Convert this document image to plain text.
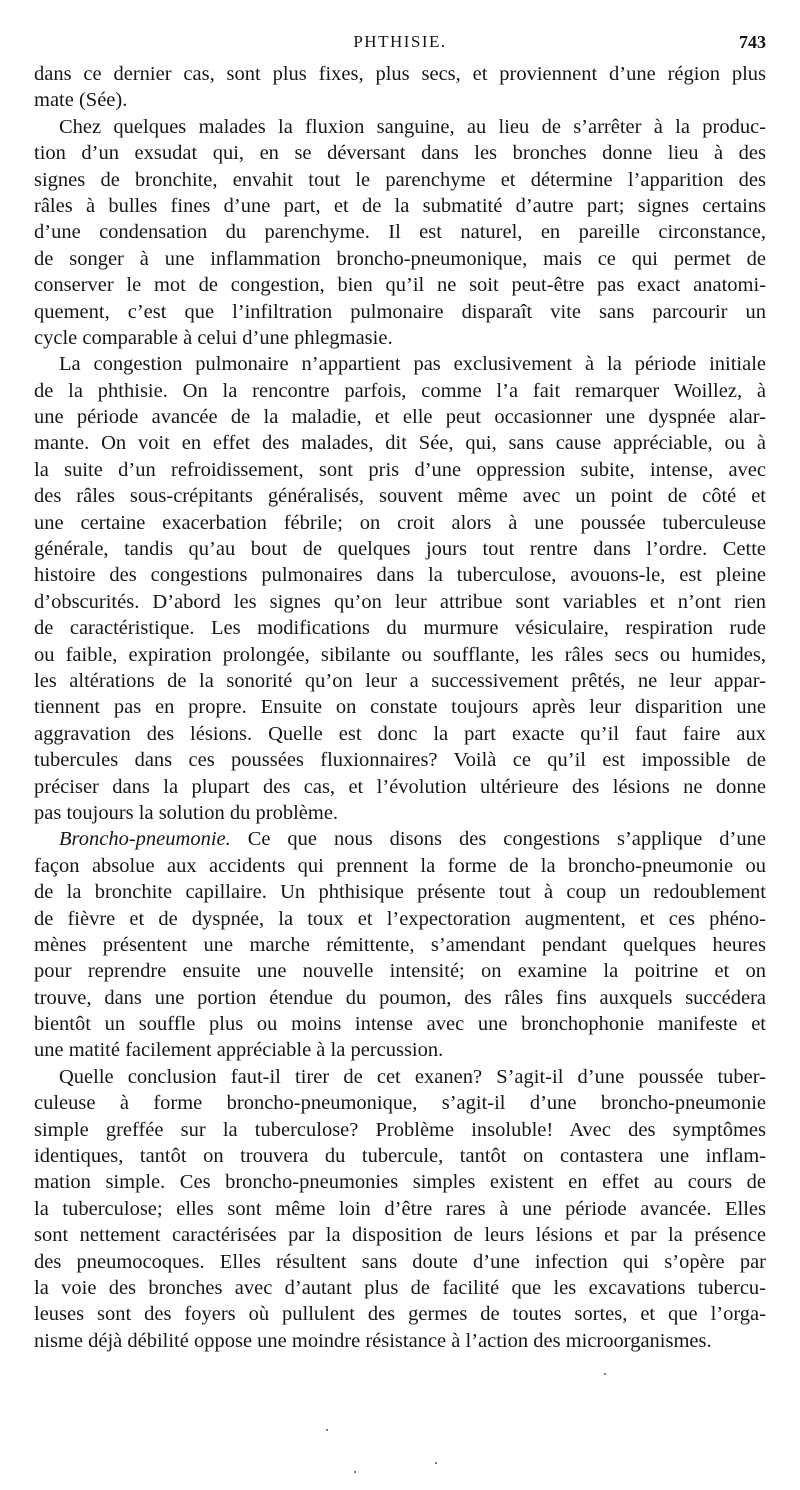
PHTHISIE.	743
dans ce dernier cas, sont plus fixes, plus secs, et proviennent d’une région plus
mate (Sée).
Chez quelques malades la fluxion sanguine, au lieu de s’arrêter à la produc-
tion d’un exsudat qui, en se déversant dans les bronches donne lieu à des
signes de bronchite, envahit tout le parenchyme et détermine l’apparition des
râles à bulles fines d’une part, et de la submatité d’autre part; signes certains
d’une condensation du parenchyme. Il est naturel, en pareille circonstance,
de songer à une inflammation broncho-pneumonique, mais ce qui permet de
conserver le mot de congestion, bien qu’il ne soit peut-être pas exact anatomi-
quement, c’est que l’infiltration pulmonaire disparaît vite sans parcourir un
cycle comparable à celui d’une phlegmasie.
La congestion pulmonaire n’appartient pas exclusivement à la période initiale
de la phthisie. On la rencontre parfois, comme l’a fait remarquer Woillez, à
une période avancée de la maladie, et elle peut occasionner une dyspnée alar-
mante. On voit en effet des malades, dit Sée, qui, sans cause appréciable, ou à
la suite d’un refroidissement, sont pris d’une oppression subite, intense, avec
des râles sous-crépitants généralisés, souvent même avec un point de côté et
une certaine exacerbation fébrile; on croit alors à une poussée tuberculeuse
générale, tandis qu’au bout de quelques jours tout rentre dans l’ordre. Cette
histoire des congestions pulmonaires dans la tuberculose, avouons-le, est pleine
d’obscurités. D’abord les signes qu’on leur attribue sont variables et n’ont rien
de caractéristique. Les modifications du murmure vésiculaire, respiration rude
ou faible, expiration prolongée, sibilante ou soufflante, les râles secs ou humides,
les altérations de la sonorité qu’on leur a successivement prêtés, ne leur appar-
tiennent pas en propre. Ensuite on constate toujours après leur disparition une
aggravation des lésions. Quelle est donc la part exacte qu’il faut faire aux
tubercules dans ces poussées fluxionnaires? Voilà ce qu’il est impossible de
préciser dans la plupart des cas, et l’évolution ultérieure des lésions ne donne
pas toujours la solution du problème.
Broncho-pneumonie. Ce que nous disons des congestions s’applique d’une
façon absolue aux accidents qui prennent la forme de la broncho-pneumonie ou
de la bronchite capillaire. Un phthisique présente tout à coup un redoublement
de fièvre et de dyspnée, la toux et l’expectoration augmentent, et ces phéno-
mènes présentent une marche rémittente, s’amendant pendant quelques heures
pour reprendre ensuite une nouvelle intensité; on examine la poitrine et on
trouve, dans une portion étendue du poumon, des râles fins auxquels succédera
bientôt un souffle plus ou moins intense avec une bronchophonie manifeste et
une matité facilement appréciable à la percussion.
Quelle conclusion faut-il tirer de cet exanen? S’agit-il d’une poussée tuber-
culeuse à forme broncho-pneumonique, s’agit-il d’une broncho-pneumonie
simple greffée sur la tuberculose? Problème insoluble! Avec des symptômes
identiques, tantôt on trouvera du tubercule, tantôt on contastera une inflam-
mation simple. Ces broncho-pneumonies simples existent en effet au cours de
la tuberculose; elles sont même loin d’être rares à une période avancée. Elles
sont nettement caractérisées par la disposition de leurs lésions et par la présence
des pneumocoques. Elles résultent sans doute d’une infection qui s’opère par
la voie des bronches avec d’autant plus de facilité que les excavations tubercu-
leuses sont des foyers où pullulent des germes de toutes sortes, et que l’orga-
nisme déjà débilité oppose une moindre résistance à l’action des microorganismes.
